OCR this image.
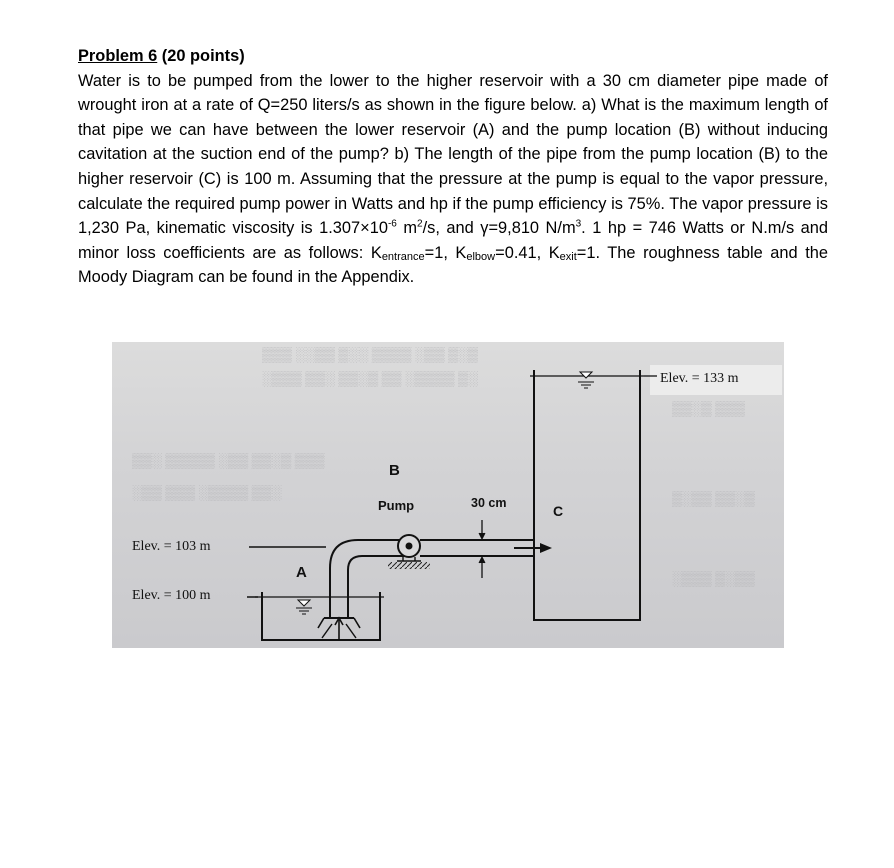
Problem 6 (20 points)

Water is to be pumped from the lower to the higher reservoir with a 30 cm diameter pipe made of wrought iron at a rate of Q=250 liters/s as shown in the figure below. a) What is the maximum length of that pipe we can have between the lower reservoir (A) and the pump location (B) without inducing cavitation at the suction end of the pump? b) The length of the pipe from the pump location (B) to the higher reservoir (C) is 100 m. Assuming that the pressure at the pump is equal to the vapor pressure, calculate the required pump power in Watts and hp if the pump efficiency is 75%. The vapor pressure is 1,230 Pa, kinematic viscosity is $1.307\times 10^{-6}$ $m^2/s$, and γ=9,810 $N/m^3$. 1 hp = 746 Watts or N.m/s and minor loss coefficients are as follows: $K_{entrance}=1$, $K_{elbow}=0.41$, $K_{exit}=1$. The roughness table and the Moody Diagram can be found in the Appendix.

▒▒▒ ░░▒▒ ▒░░ ▒▒▒▒ ░▒▒ ▒░▒
░▒▒▒ ▒▒░ ▒▒░▒ ▒▒ ░▒▒▒▒ ▒░
▒▒░ ▒▒▒▒▒ ░▒▒ ▒▒░▒ ▒▒▒
░▒▒ ▒▒▒ ░▒▒▒▒ ▒▒░
▒▒░▒ ▒▒▒
▒░▒▒ ▒▒░▒
░▒▒▒ ▒░▒▒
Elev. = 133 m
B
Pump	30 cm	C
Elev. = 103 m
A
Elev. = 100 m
